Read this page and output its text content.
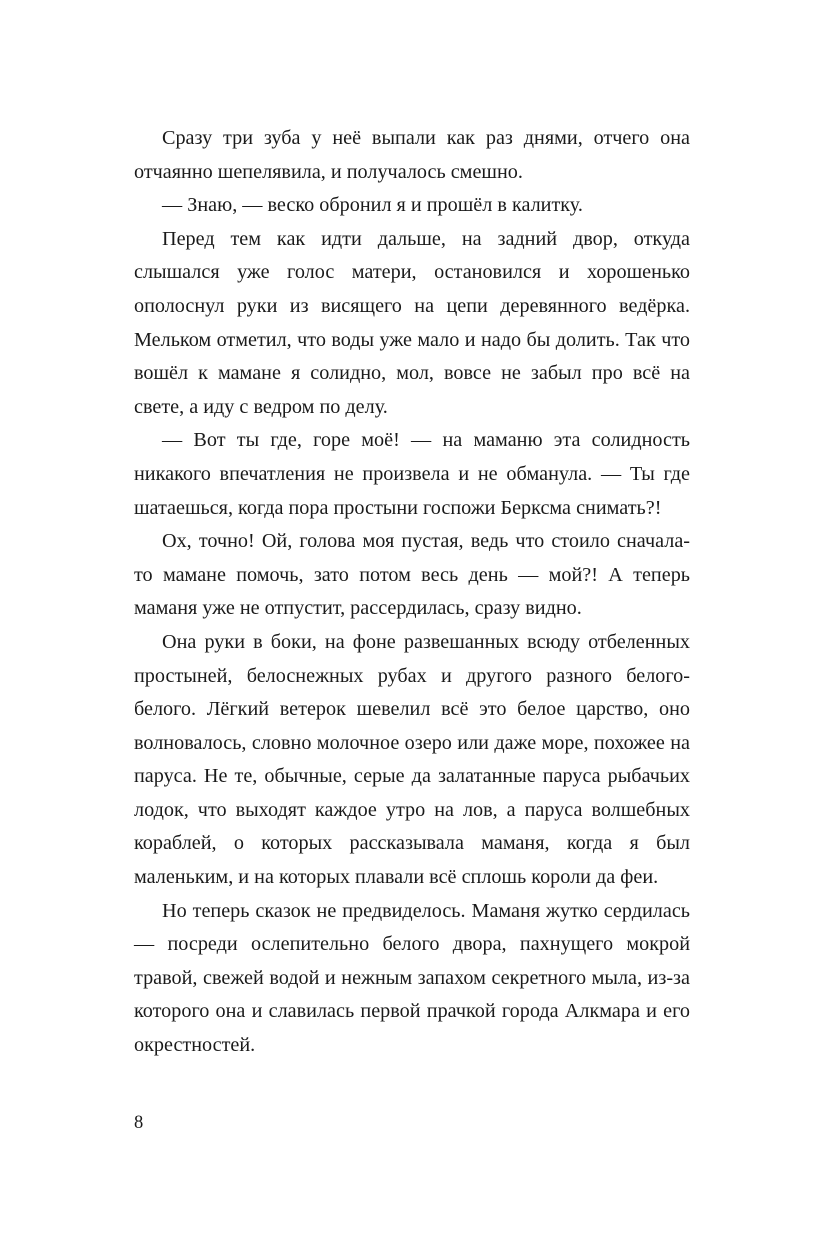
Сразу три зуба у неё выпали как раз днями, отчего она отчаянно шепелявила, и получалось смешно.

— Знаю, — веско обронил я и прошёл в калитку.

Перед тем как идти дальше, на задний двор, откуда слышался уже голос матери, остановился и хорошенько ополоснул руки из висящего на цепи деревянного ведёрка. Мельком отметил, что воды уже мало и надо бы долить. Так что вошёл к мамане я солидно, мол, вовсе не забыл про всё на свете, а иду с ведром по делу.

— Вот ты где, горе моё! — на маманю эта солидность никакого впечатления не произвела и не обманула. — Ты где шатаешься, когда пора простыни госпожи Берксма снимать?!

Ох, точно! Ой, голова моя пустая, ведь что стоило сначала-то мамане помочь, зато потом весь день — мой?! А теперь маманя уже не отпустит, рассердилась, сразу видно.

Она руки в боки, на фоне развешанных всюду отбеленных простыней, белоснежных рубах и другого разного белого-белого. Лёгкий ветерок шевелил всё это белое царство, оно волновалось, словно молочное озеро или даже море, похожее на паруса. Не те, обычные, серые да залатанные паруса рыбачьих лодок, что выходят каждое утро на лов, а паруса волшебных кораблей, о которых рассказывала маманя, когда я был маленьким, и на которых плавали всё сплошь короли да феи.

Но теперь сказок не предвиделось. Маманя жутко сердилась — посреди ослепительно белого двора, пахнущего мокрой травой, свежей водой и нежным запахом секретного мыла, из-за которого она и славилась первой прачкой города Алкмара и его окрестностей.

8
